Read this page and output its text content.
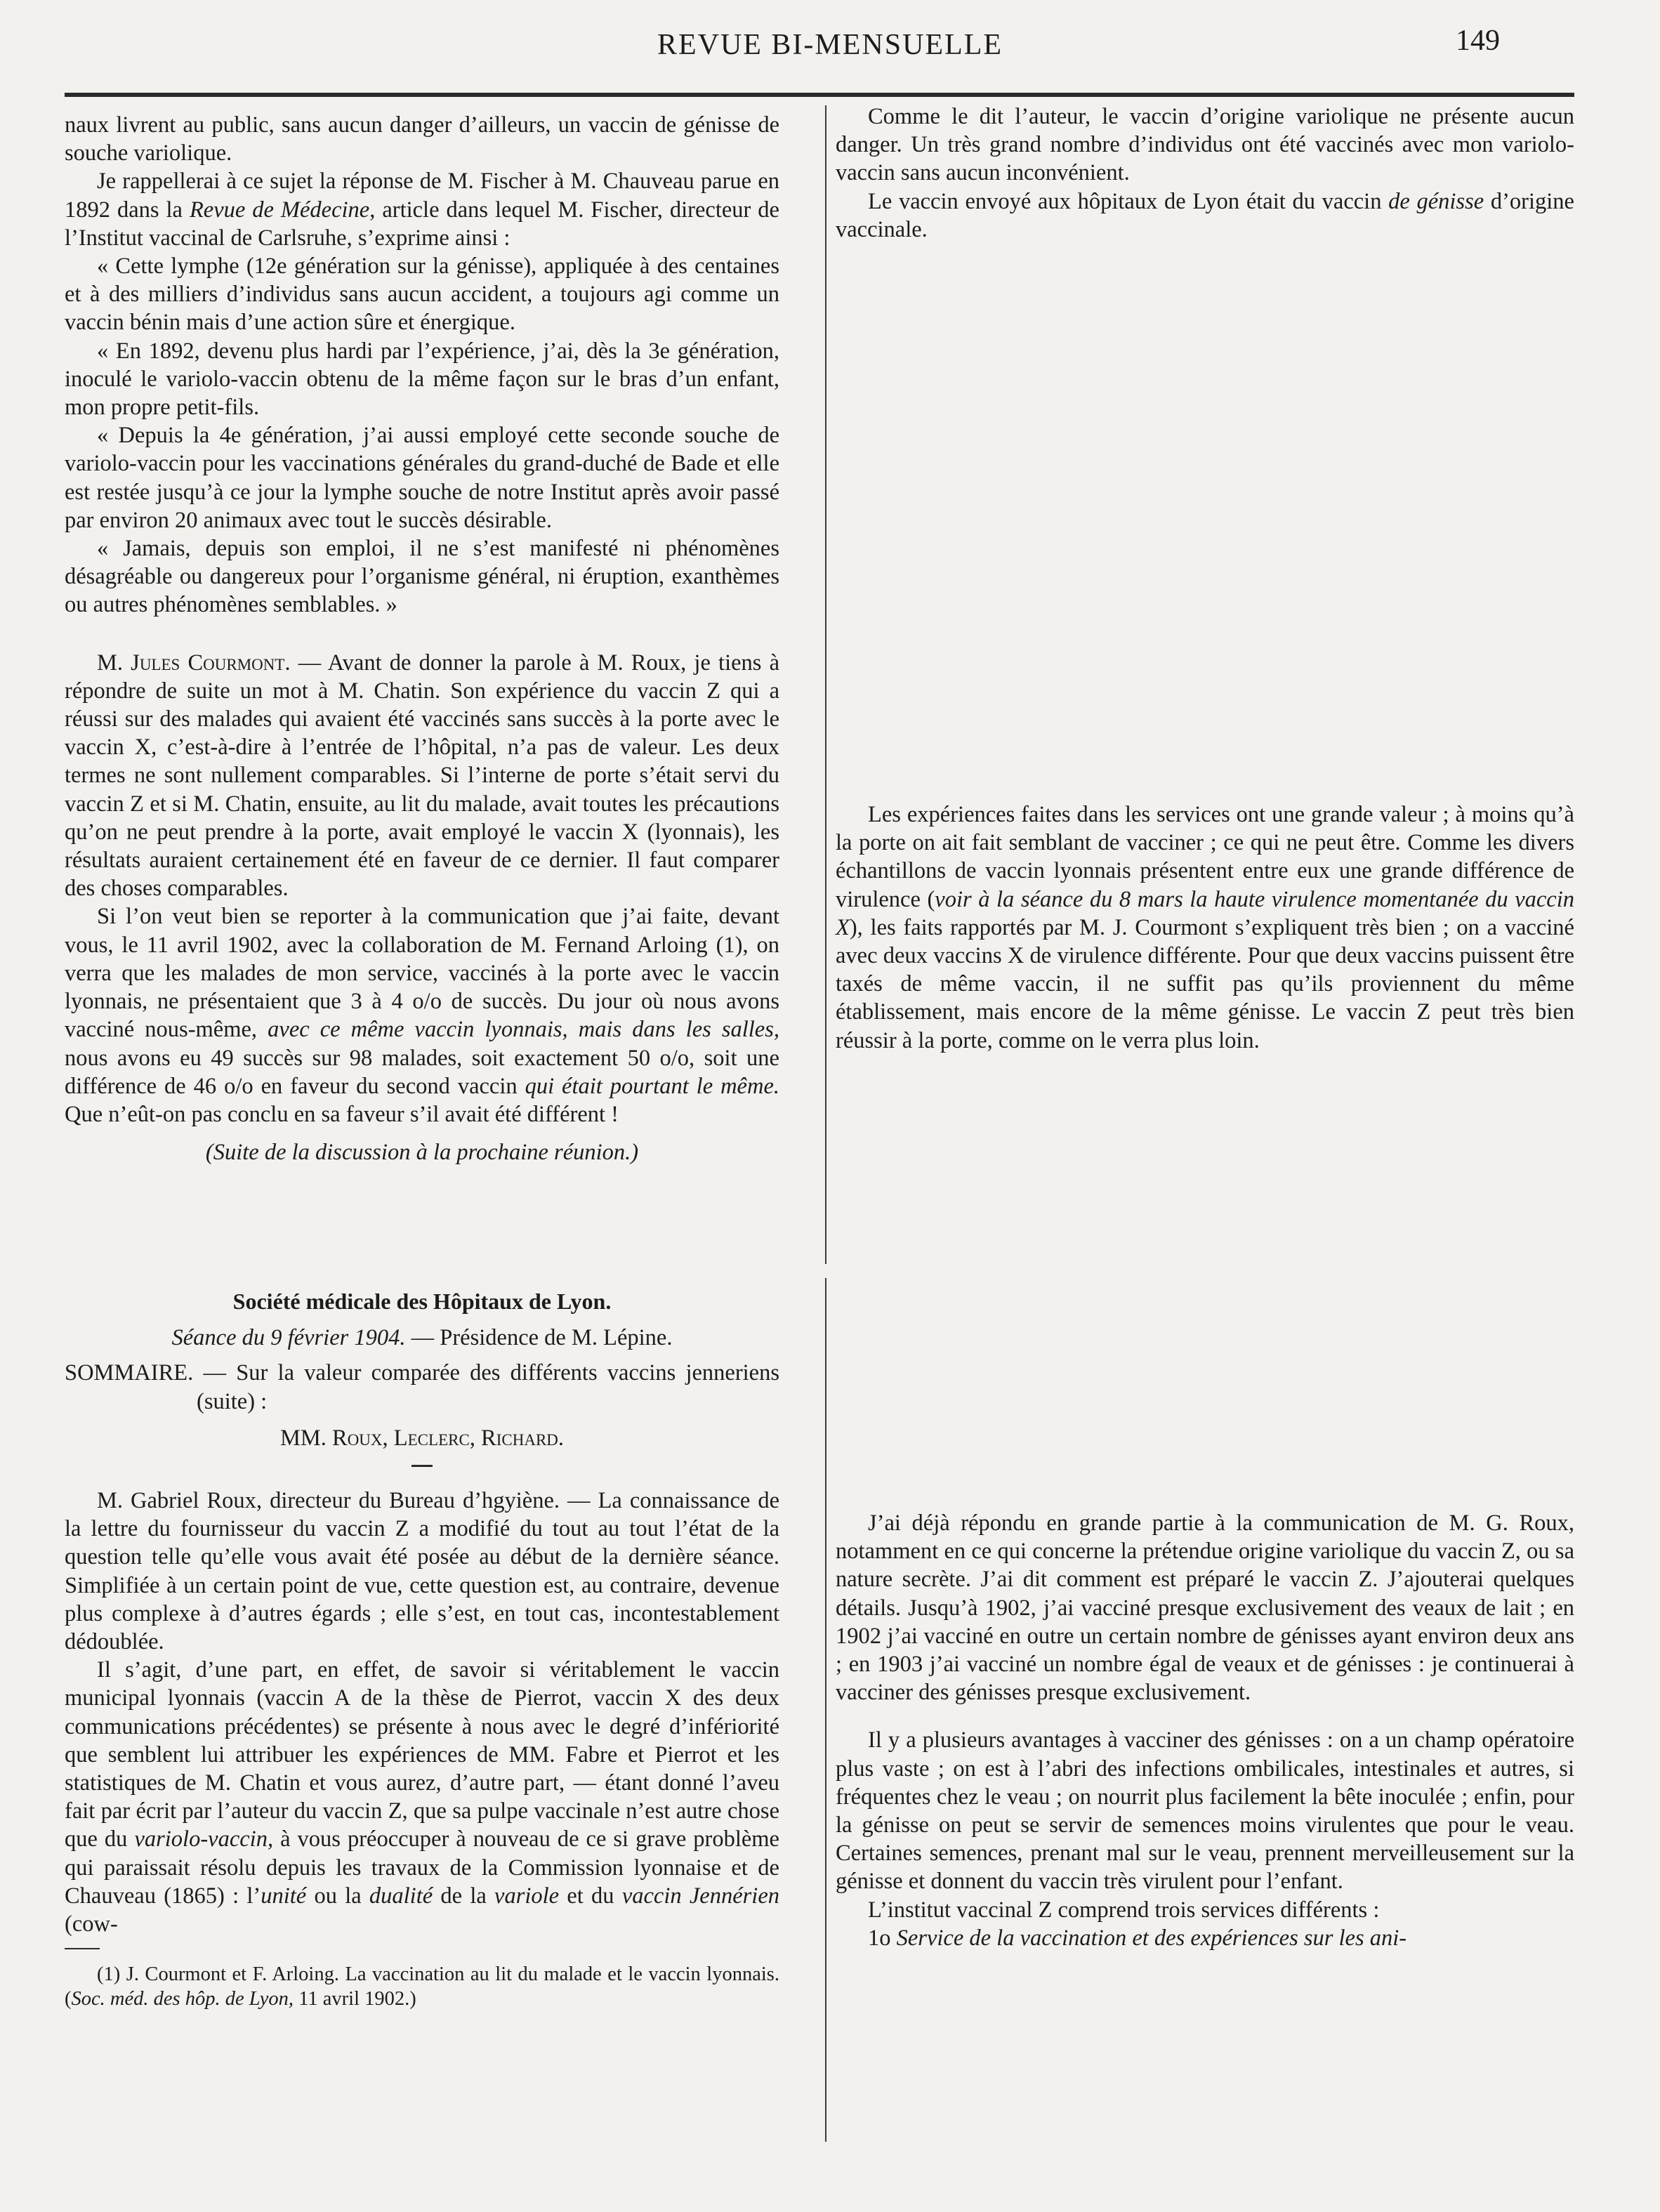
REVUE BI-MENSUELLE	149

naux livrent au public, sans aucun danger d’ailleurs, un vaccin de génisse de souche variolique.

Je rappellerai à ce sujet la réponse de M. Fischer à M. Chauveau parue en 1892 dans la Revue de Médecine, article dans lequel M. Fischer, directeur de l’Institut vaccinal de Carlsruhe, s’exprime ainsi :

« Cette lymphe (12e génération sur la génisse), appliquée à des centaines et à des milliers d’individus sans aucun accident, a toujours agi comme un vaccin bénin mais d’une action sûre et énergique.

« En 1892, devenu plus hardi par l’expérience, j’ai, dès la 3e génération, inoculé le variolo-vaccin obtenu de la même façon sur le bras d’un enfant, mon propre petit-fils.

« Depuis la 4e génération, j’ai aussi employé cette seconde souche de variolo-vaccin pour les vaccinations générales du grand-duché de Bade et elle est restée jusqu’à ce jour la lymphe souche de notre Institut après avoir passé par environ 20 animaux avec tout le succès désirable.

« Jamais, depuis son emploi, il ne s’est manifesté ni phénomènes désagréable ou dangereux pour l’organisme général, ni éruption, exanthèmes ou autres phénomènes semblables. »

M. Jules Courmont. — Avant de donner la parole à M. Roux, je tiens à répondre de suite un mot à M. Chatin. Son expérience du vaccin Z qui a réussi sur des malades qui avaient été vaccinés sans succès à la porte avec le vaccin X, c’est-à-dire à l’entrée de l’hôpital, n’a pas de valeur. Les deux termes ne sont nullement comparables. Si l’interne de porte s’était servi du vaccin Z et si M. Chatin, ensuite, au lit du malade, avait toutes les précautions qu’on ne peut prendre à la porte, avait employé le vaccin X (lyonnais), les résultats auraient certainement été en faveur de ce dernier. Il faut comparer des choses comparables.

Si l’on veut bien se reporter à la communication que j’ai faite, devant vous, le 11 avril 1902, avec la collaboration de M. Fernand Arloing (1), on verra que les malades de mon service, vaccinés à la porte avec le vaccin lyonnais, ne présentaient que 3 à 4 o/o de succès. Du jour où nous avons vacciné nous-même, avec ce même vaccin lyonnais, mais dans les salles, nous avons eu 49 succès sur 98 malades, soit exactement 50 o/o, soit une différence de 46 o/o en faveur du second vaccin qui était pourtant le même. Que n’eût-on pas conclu en sa faveur s’il avait été différent !

(Suite de la discussion à la prochaine réunion.)

Société médicale des Hôpitaux de Lyon.

Séance du 9 février 1904. — Présidence de M. Lépine.

SOMMAIRE. — Sur la valeur comparée des différents vaccins jenneriens (suite) :

MM. Roux, Leclerc, Richard.

M. Gabriel Roux, directeur du Bureau d’hgyiène. — La connaissance de la lettre du fournisseur du vaccin Z a modifié du tout au tout l’état de la question telle qu’elle vous avait été posée au début de la dernière séance. Simplifiée à un certain point de vue, cette question est, au contraire, devenue plus complexe à d’autres égards ; elle s’est, en tout cas, incontestablement dédoublée.

Il s’agit, d’une part, en effet, de savoir si véritablement le vaccin municipal lyonnais (vaccin A de la thèse de Pierrot, vaccin X des deux communications précédentes) se présente à nous avec le degré d’infériorité que semblent lui attribuer les expériences de MM. Fabre et Pierrot et les statistiques de M. Chatin et vous aurez, d’autre part, — étant donné l’aveu fait par écrit par l’auteur du vaccin Z, que sa pulpe vaccinale n’est autre chose que du variolo-vaccin, à vous préoccuper à nouveau de ce si grave problème qui paraissait résolu depuis les travaux de la Commission lyonnaise et de Chauveau (1865) : l’unité ou la dualité de la variole et du vaccin Jennérien (cow-

(1) J. Courmont et F. Arloing. La vaccination au lit du malade et le vaccin lyonnais. (Soc. méd. des hôp. de Lyon, 11 avril 1902.)

Comme le dit l’auteur, le vaccin d’origine variolique ne présente aucun danger. Un très grand nombre d’individus ont été vaccinés avec mon variolo-vaccin sans aucun inconvénient.

Le vaccin envoyé aux hôpitaux de Lyon était du vaccin de génisse d’origine vaccinale.

Les expériences faites dans les services ont une grande valeur ; à moins qu’à la porte on ait fait semblant de vacciner ; ce qui ne peut être. Comme les divers échantillons de vaccin lyonnais présentent entre eux une grande différence de virulence (voir à la séance du 8 mars la haute virulence momentanée du vaccin X), les faits rapportés par M. J. Courmont s’expliquent très bien ; on a vacciné avec deux vaccins X de virulence différente. Pour que deux vaccins puissent être taxés de même vaccin, il ne suffit pas qu’ils proviennent du même établissement, mais encore de la même génisse. Le vaccin Z peut très bien réussir à la porte, comme on le verra plus loin.

J’ai déjà répondu en grande partie à la communication de M. G. Roux, notamment en ce qui concerne la prétendue origine variolique du vaccin Z, ou sa nature secrète. J’ai dit comment est préparé le vaccin Z. J’ajouterai quelques détails. Jusqu’à 1902, j’ai vacciné presque exclusivement des veaux de lait ; en 1902 j’ai vacciné en outre un certain nombre de génisses ayant environ deux ans ; en 1903 j’ai vacciné un nombre égal de veaux et de génisses : je continuerai à vacciner des génisses presque exclusivement.

Il y a plusieurs avantages à vacciner des génisses : on a un champ opératoire plus vaste ; on est à l’abri des infections ombilicales, intestinales et autres, si fréquentes chez le veau ; on nourrit plus facilement la bête inoculée ; enfin, pour la génisse on peut se servir de semences moins virulentes que pour le veau. Certaines semences, prenant mal sur le veau, prennent merveilleusement sur la génisse et donnent du vaccin très virulent pour l’enfant.

L’institut vaccinal Z comprend trois services différents :

1o Service de la vaccination et des expériences sur les ani-
